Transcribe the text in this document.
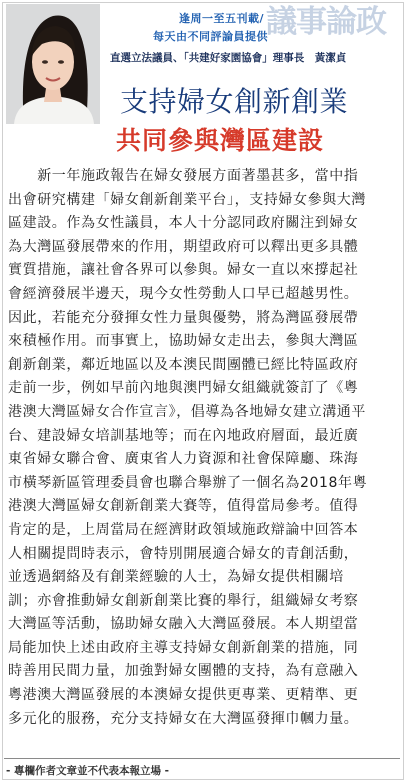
逢周一至五刊載/
每天由不同評論員提供
議事論政
直選立法議員、「共建好家園協會」理事長　黃潔貞
支持婦女創新創業
共同參與灣區建設

　　新一年施政報告在婦女發展方面著墨甚多，當中指

出會研究構建「婦女創新創業平台」，支持婦女參與大灣

區建設。作為女性議員，本人十分認同政府關注到婦女

為大灣區發展帶來的作用，期望政府可以釋出更多具體

實質措施，讓社會各界可以參與。婦女一直以來撐起社

會經濟發展半邊天，現今女性勞動人口早已超越男性。

因此，若能充分發揮女性力量與優勢，將為灣區發展帶

來積極作用。而事實上，協助婦女走出去，參與大灣區

創新創業，鄰近地區以及本澳民間團體已經比特區政府

走前一步，例如早前內地與澳門婦女組織就簽訂了《粵

港澳大灣區婦女合作宣言》，倡導為各地婦女建立溝通平

台、建設婦女培訓基地等；而在內地政府層面，最近廣

東省婦女聯合會、廣東省人力資源和社會保障廳、珠海

市橫琴新區管理委員會也聯合舉辦了一個名為2018年粵

港澳大灣區婦女創新創業大賽等，值得當局參考。值得

肯定的是，上周當局在經濟財政領域施政辯論中回答本

人相關提問時表示，會特別開展適合婦女的青創活動，

並透過網絡及有創業經驗的人士，為婦女提供相關培

訓；亦會推動婦女創新創業比賽的舉行，組織婦女考察

大灣區等活動，協助婦女融入大灣區發展。本人期望當

局能加快上述由政府主導支持婦女創新創業的措施，同

時善用民間力量，加強對婦女團體的支持，為有意融入

粵港澳大灣區發展的本澳婦女提供更專業、更精準、更

多元化的服務，充分支持婦女在大灣區發揮巾幗力量。

- 專欄作者文章並不代表本報立場 -
